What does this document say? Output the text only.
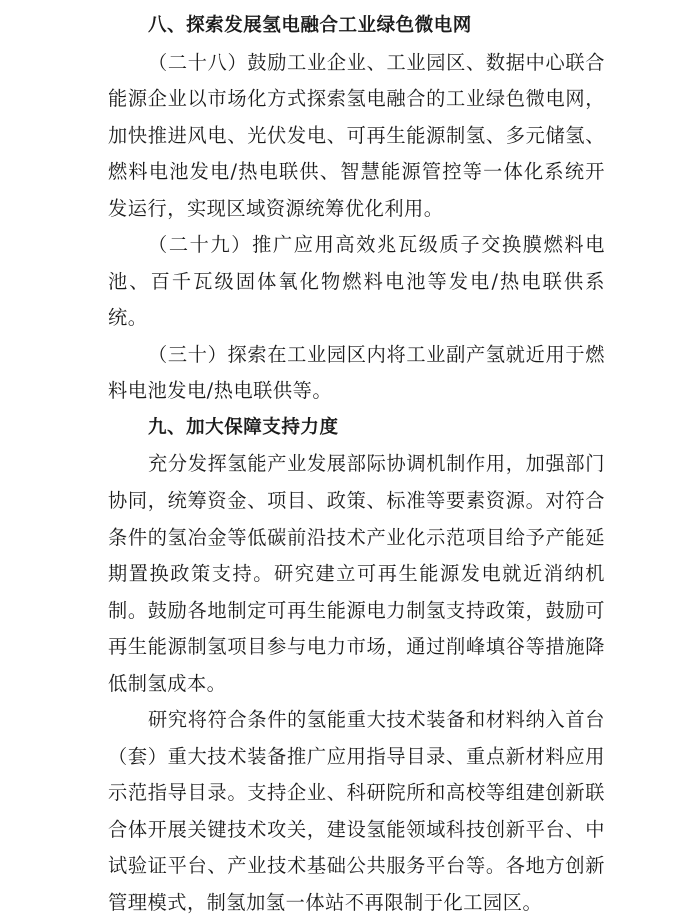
八、探索发展氢电融合工业绿色微电网

（二十八）鼓励工业企业、工业园区、数据中心联合能源企业以市场化方式探索氢电融合的工业绿色微电网，加快推进风电、光伏发电、可再生能源制氢、多元储氢、燃料电池发电/热电联供、智慧能源管控等一体化系统开发运行，实现区域资源统筹优化利用。

（二十九）推广应用高效兆瓦级质子交换膜燃料电池、百千瓦级固体氧化物燃料电池等发电/热电联供系统。

（三十）探索在工业园区内将工业副产氢就近用于燃料电池发电/热电联供等。

九、加大保障支持力度

充分发挥氢能产业发展部际协调机制作用，加强部门协同，统筹资金、项目、政策、标准等要素资源。对符合条件的氢冶金等低碳前沿技术产业化示范项目给予产能延期置换政策支持。研究建立可再生能源发电就近消纳机制。鼓励各地制定可再生能源电力制氢支持政策，鼓励可再生能源制氢项目参与电力市场，通过削峰填谷等措施降低制氢成本。

研究将符合条件的氢能重大技术装备和材料纳入首台（套）重大技术装备推广应用指导目录、重点新材料应用示范指导目录。支持企业、科研院所和高校等组建创新联合体开展关键技术攻关，建设氢能领域科技创新平台、中试验证平台、产业技术基础公共服务平台等。各地方创新管理模式，制氢加氢一体站不再限制于化工园区。
